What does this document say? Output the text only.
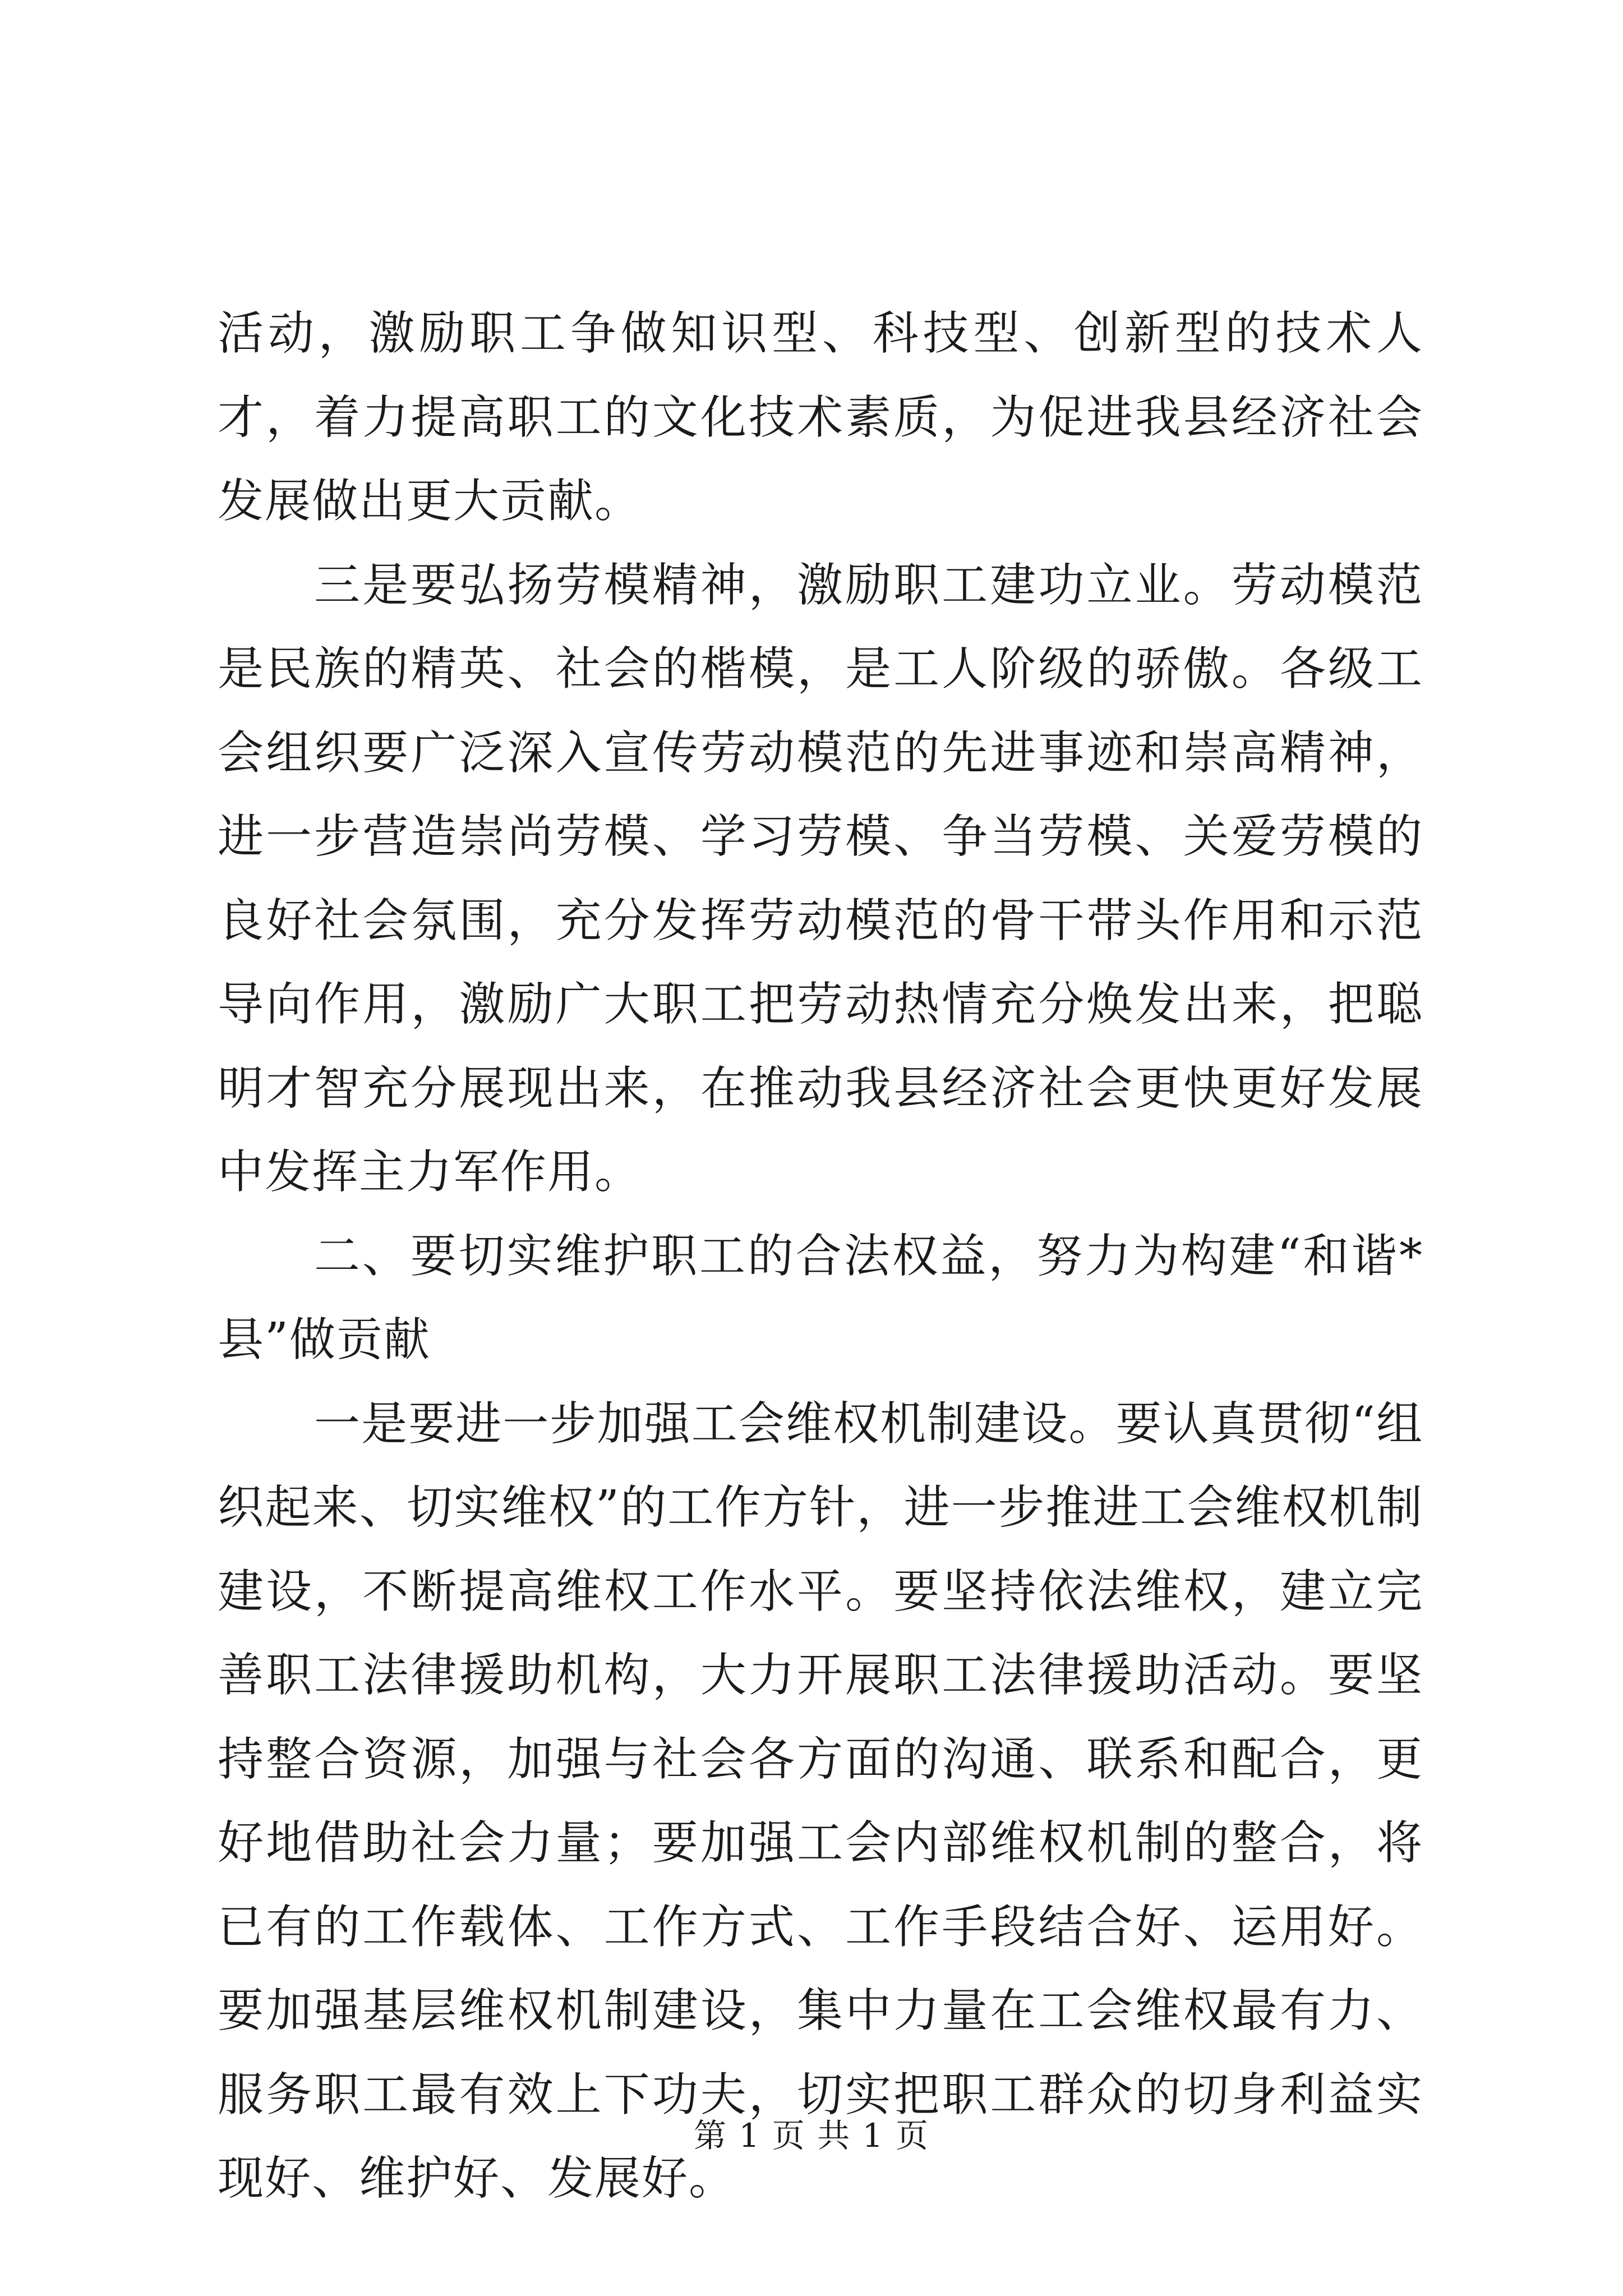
活动，激励职工争做知识型、科技型、创新型的技术人才，着力提高职工的文化技术素质，为促进我县经济社会发展做出更大贡献。

三是要弘扬劳模精神，激励职工建功立业。劳动模范是民族的精英、社会的楷模，是工人阶级的骄傲。各级工会组织要广泛深入宣传劳动模范的先进事迹和崇高精神，进一步营造崇尚劳模、学习劳模、争当劳模、关爱劳模的良好社会氛围，充分发挥劳动模范的骨干带头作用和示范导向作用，激励广大职工把劳动热情充分焕发出来，把聪明才智充分展现出来，在推动我县经济社会更快更好发展中发挥主力军作用。

二、要切实维护职工的合法权益，努力为构建“和谐*县”做贡献

一是要进一步加强工会维权机制建设。要认真贯彻“组织起来、切实维权”的工作方针，进一步推进工会维权机制建设，不断提高维权工作水平。要坚持依法维权，建立完善职工法律援助机构，大力开展职工法律援助活动。要坚持整合资源，加强与社会各方面的沟通、联系和配合，更好地借助社会力量；要加强工会内部维权机制的整合，将已有的工作载体、工作方式、工作手段结合好、运用好。要加强基层维权机制建设，集中力量在工会维权最有力、服务职工最有效上下功夫，切实把职工群众的切身利益实现好、维护好、发展好。

第 1 页 共 1 页
